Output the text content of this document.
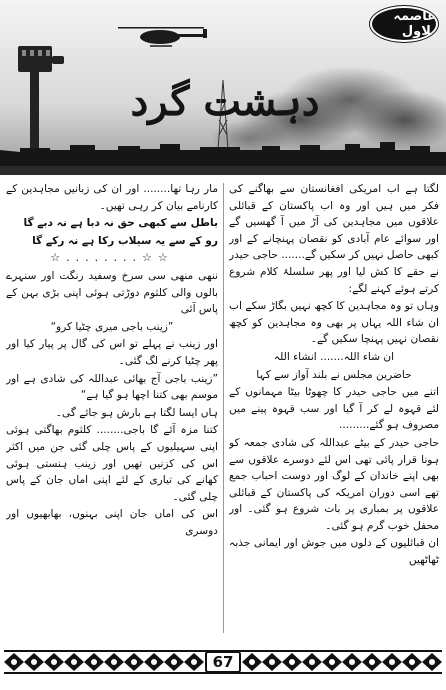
عاصمہ بلاول
دہشت گرد

لگتا ہے اب امریکی افغانستان سے بھاگنے کی فکر میں ہیں اور وہ اب پاکستان کے قبائلی علاقوں میں مجاہدین کی آڑ میں آ گھسیں گے اور سوائے عام آبادی کو نقصان پہنچانے کے اور کبھی حاصل نہیں کر سکیں گے....... حاجی حیدر نے حقے کا کش لیا اور پھر سلسلۂ کلام شروع کرتے ہوئے کہنے لگے:

وہاں تو وہ مجاہدین کا کچھ نہیں بگاڑ سکے اب ان شاء اللہ یہاں پر بھی وہ مجاہدین کو کچھ نقصان نہیں پہنچا سکیں گے۔

ان شاء اللہ....... انشاء اللہ

حاضرین مجلس نے بلند آواز سے کہا

اتنے میں حاجی حیدر کا چھوٹا بیٹا مہمانوں کے لئے قہوہ لے کر آ گیا اور سب قہوہ پینے میں مصروف ہو گئے.........

حاجی حیدر کے بیٹے عبداللہ کی شادی جمعہ کو ہونا قرار پائی تھی اس لئے دوسرے علاقوں سے بھی اپنے خاندان کے لوگ اور دوست احباب جمع تھے اسی دوران امریکہ کی پاکستان کے قبائلی علاقوں پر بمباری پر بات شروع ہو گئی۔ اور محفل خوب گرم ہو گئی۔

ان قبائلیوں کے دلوں میں جوش اور ایمانی جذبہ ٹھاٹھیں

مار رہا تھا........ اور ان کی زبانیں مجاہدین کے کارنامے بیان کر رہی تھیں۔

باطل سے کبھی حق نہ دبا ہے نہ دبے گا

رو کے سے یہ سیلاب رکا ہے نہ رکے گا

☆☆........☆

ننھی منھی سی سرخ وسفید رنگت اور سنہرے بالوں والی کلثوم دوڑتی ہوئی اپنی بڑی بہن کے پاس آئی

”زینب باجی میری چٹیا کرو“

اور زینب نے پہلے تو اس کی گال پر پیار کیا اور پھر چٹیا کرنے لگ گئی۔

”زینب باجی آج بھائی عبداللہ کی شادی ہے اور موسم بھی کتنا اچھا ہو گیا ہے“

ہاں ایسا لگتا ہے بارش ہو جائے گی۔

کتنا مزہ آئے گا باجی........ کلثوم بھاگتی ہوئی اپنی سہیلیوں کے پاس چلی گئی جن میں اکثر اس کی کزنیں تھیں اور زینب ہنستی ہوئی کھانے کی تیاری کے لئے اپنی اماں جان کے پاس چلی گئی۔

اس کی اماں جان اپنی بہنوں، بھابھیوں اور دوسری

67
